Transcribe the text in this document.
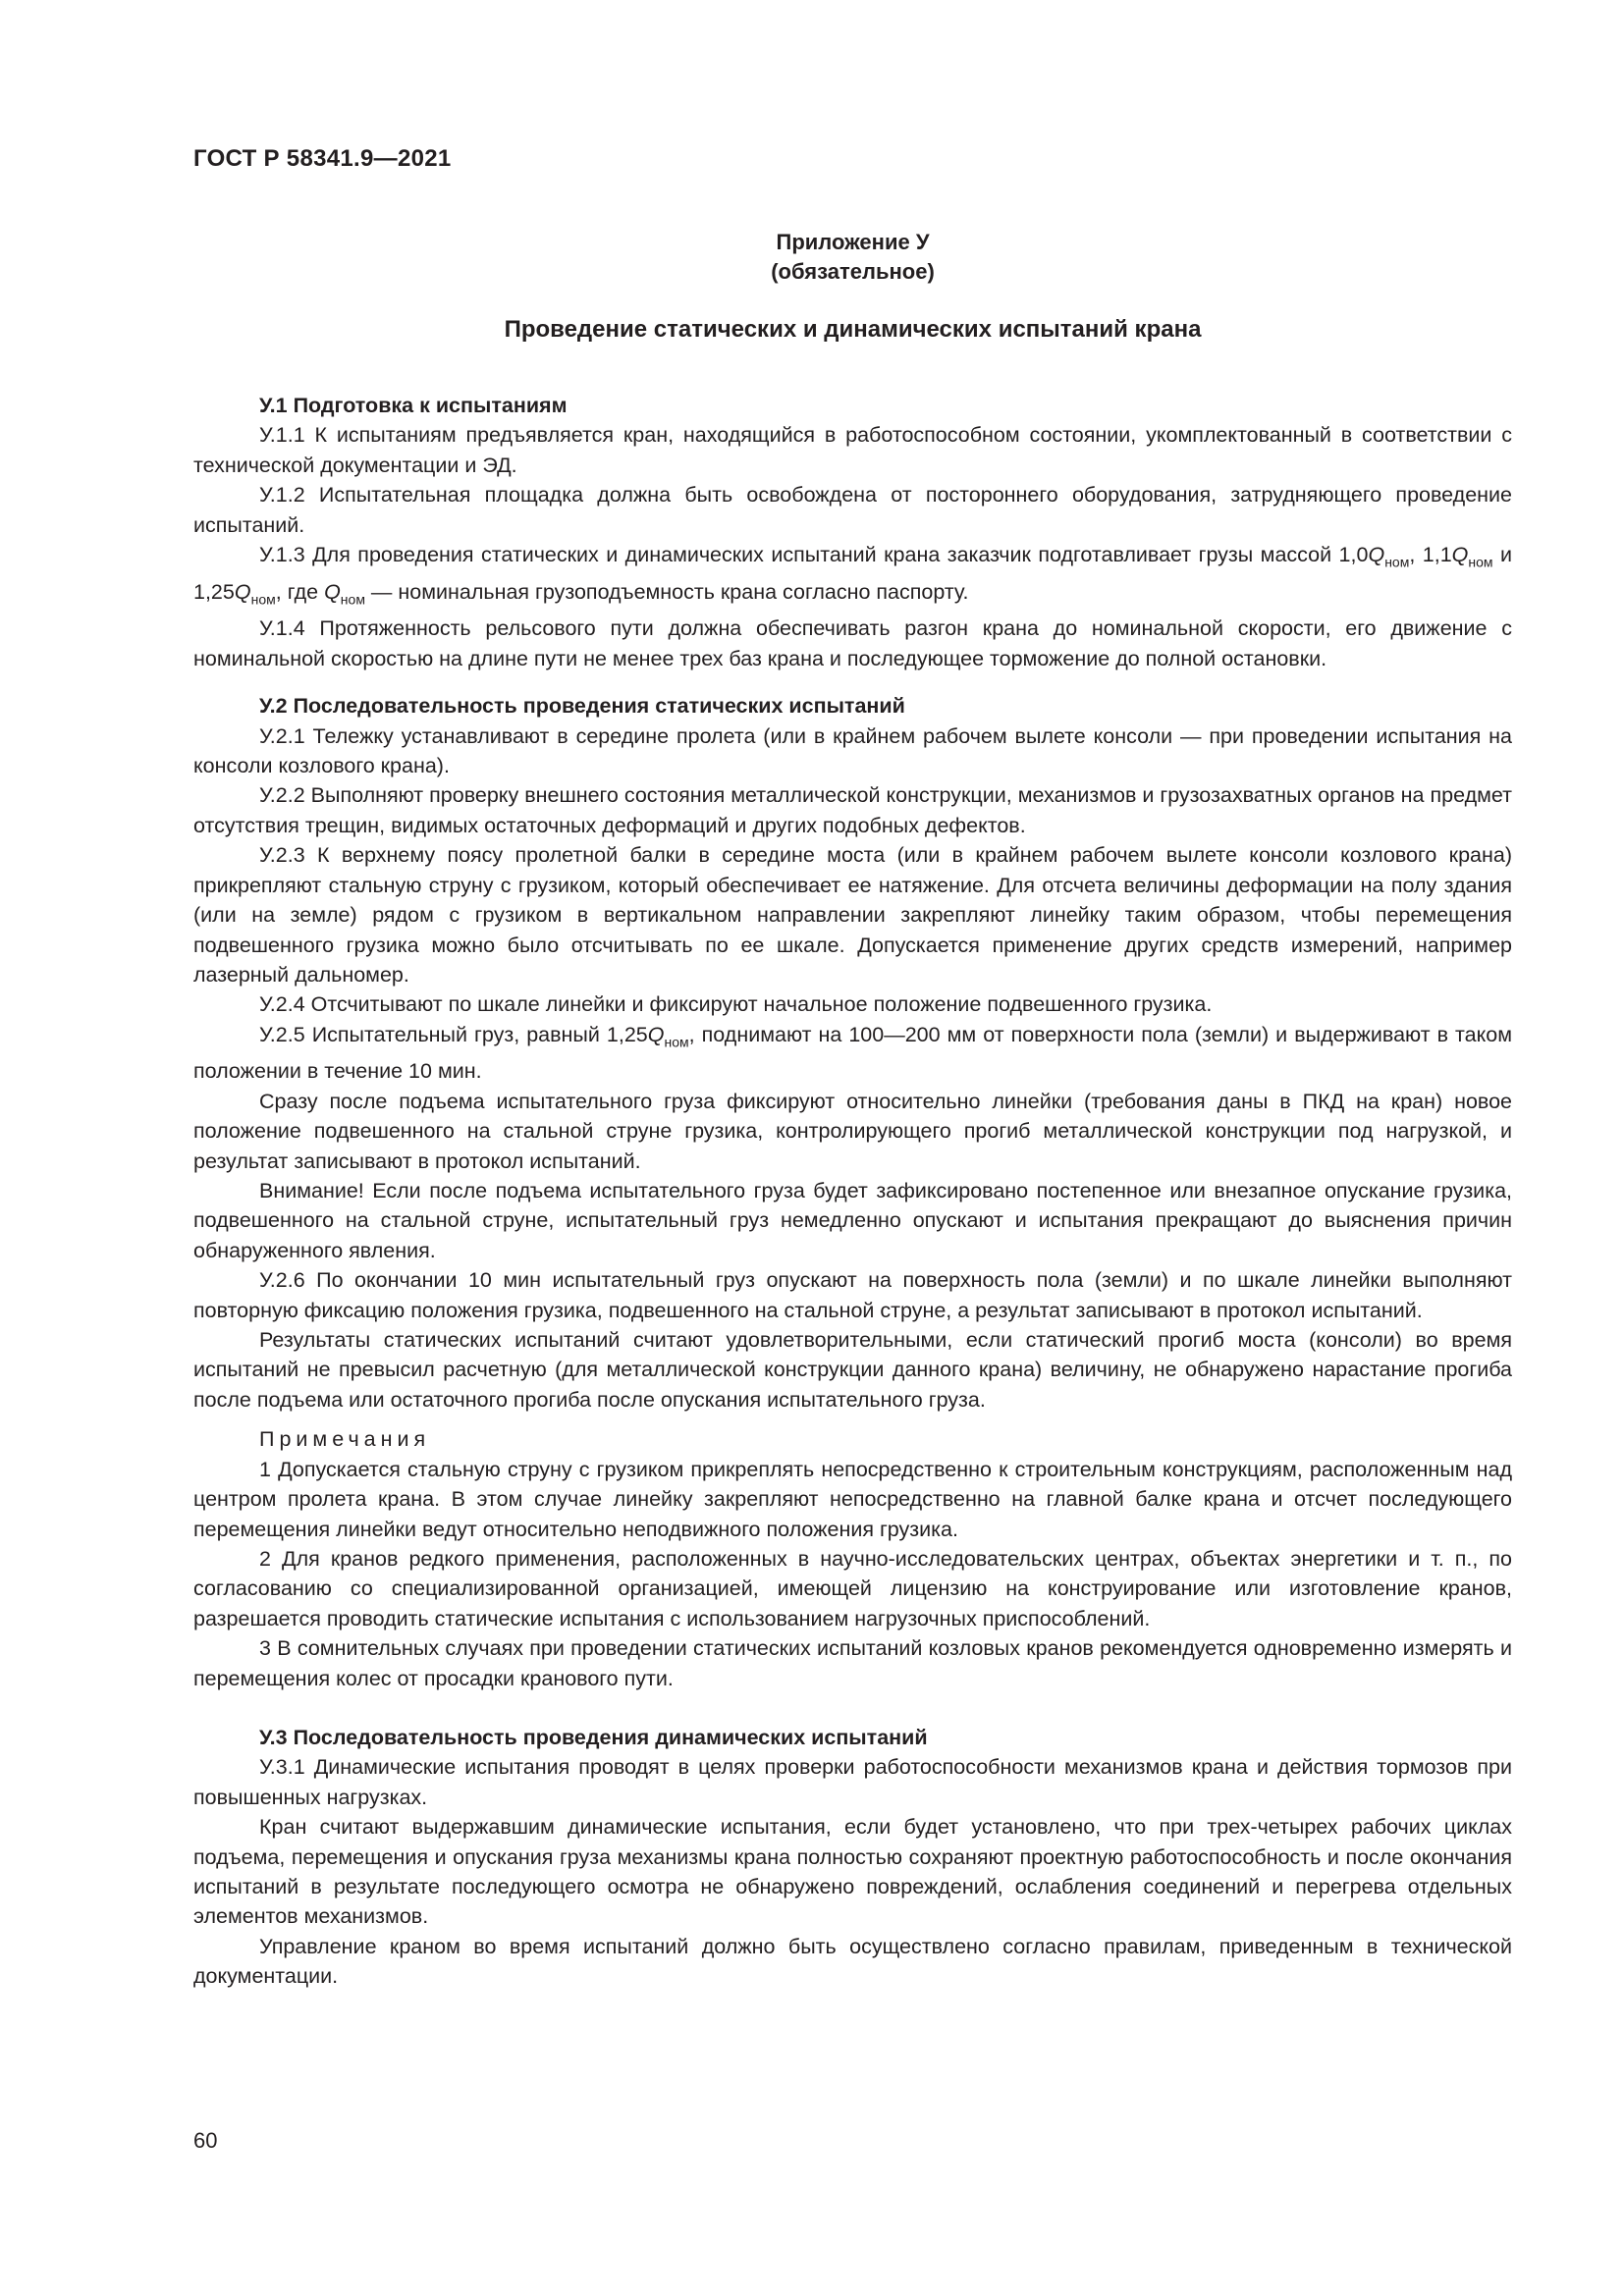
ГОСТ Р 58341.9—2021
Приложение У
(обязательное)
Проведение статических и динамических испытаний крана
У.1 Подготовка к испытаниям

У.1.1 К испытаниям предъявляется кран, находящийся в работоспособном состоянии, укомплектованный в соответствии с технической документации и ЭД.

У.1.2 Испытательная площадка должна быть освобождена от постороннего оборудования, затрудняющего проведение испытаний.

У.1.3 Для проведения статических и динамических испытаний крана заказчик подготавливает грузы массой $1,0Q_{ном}$, $1,1Q_{ном}$ и $1,25Q_{ном}$, где $Q_{ном}$ — номинальная грузоподъемность крана согласно паспорту.

У.1.4 Протяженность рельсового пути должна обеспечивать разгон крана до номинальной скорости, его движение с номинальной скоростью на длине пути не менее трех баз крана и последующее торможение до полной остановки.

У.2 Последовательность проведения статических испытаний

У.2.1 Тележку устанавливают в середине пролета (или в крайнем рабочем вылете консоли — при проведении испытания на консоли козлового крана).

У.2.2 Выполняют проверку внешнего состояния металлической конструкции, механизмов и грузозахватных органов на предмет отсутствия трещин, видимых остаточных деформаций и других подобных дефектов.

У.2.3 К верхнему поясу пролетной балки в середине моста (или в крайнем рабочем вылете консоли козлового крана) прикрепляют стальную струну с грузиком, который обеспечивает ее натяжение. Для отсчета величины деформации на полу здания (или на земле) рядом с грузиком в вертикальном направлении закрепляют линейку таким образом, чтобы перемещения подвешенного грузика можно было отсчитывать по ее шкале. Допускается применение других средств измерений, например лазерный дальномер.

У.2.4 Отсчитывают по шкале линейки и фиксируют начальное положение подвешенного грузика.

У.2.5 Испытательный груз, равный $1,25Q_{ном}$, поднимают на 100—200 мм от поверхности пола (земли) и выдерживают в таком положении в течение 10 мин.

Сразу после подъема испытательного груза фиксируют относительно линейки (требования даны в ПКД на кран) новое положение подвешенного на стальной струне грузика, контролирующего прогиб металлической конструкции под нагрузкой, и результат записывают в протокол испытаний.

Внимание! Если после подъема испытательного груза будет зафиксировано постепенное или внезапное опускание грузика, подвешенного на стальной струне, испытательный груз немедленно опускают и испытания прекращают до выяснения причин обнаруженного явления.

У.2.6 По окончании 10 мин испытательный груз опускают на поверхность пола (земли) и по шкале линейки выполняют повторную фиксацию положения грузика, подвешенного на стальной струне, а результат записывают в протокол испытаний.

Результаты статических испытаний считают удовлетворительными, если статический прогиб моста (консоли) во время испытаний не превысил расчетную (для металлической конструкции данного крана) величину, не обнаружено нарастание прогиба после подъема или остаточного прогиба после опускания испытательного груза.

Примечания

1 Допускается стальную струну с грузиком прикреплять непосредственно к строительным конструкциям, расположенным над центром пролета крана. В этом случае линейку закрепляют непосредственно на главной балке крана и отсчет последующего перемещения линейки ведут относительно неподвижного положения грузика.

2 Для кранов редкого применения, расположенных в научно-исследовательских центрах, объектах энергетики и т. п., по согласованию со специализированной организацией, имеющей лицензию на конструирование или изготовление кранов, разрешается проводить статические испытания с использованием нагрузочных приспособлений.

3 В сомнительных случаях при проведении статических испытаний козловых кранов рекомендуется одновременно измерять и перемещения колес от просадки кранового пути.

У.3 Последовательность проведения динамических испытаний

У.3.1 Динамические испытания проводят в целях проверки работоспособности механизмов крана и действия тормозов при повышенных нагрузках.

Кран считают выдержавшим динамические испытания, если будет установлено, что при трех-четырех рабочих циклах подъема, перемещения и опускания груза механизмы крана полностью сохраняют проектную работоспособность и после окончания испытаний в результате последующего осмотра не обнаружено повреждений, ослабления соединений и перегрева отдельных элементов механизмов.

Управление краном во время испытаний должно быть осуществлено согласно правилам, приведенным в технической документации.

60
